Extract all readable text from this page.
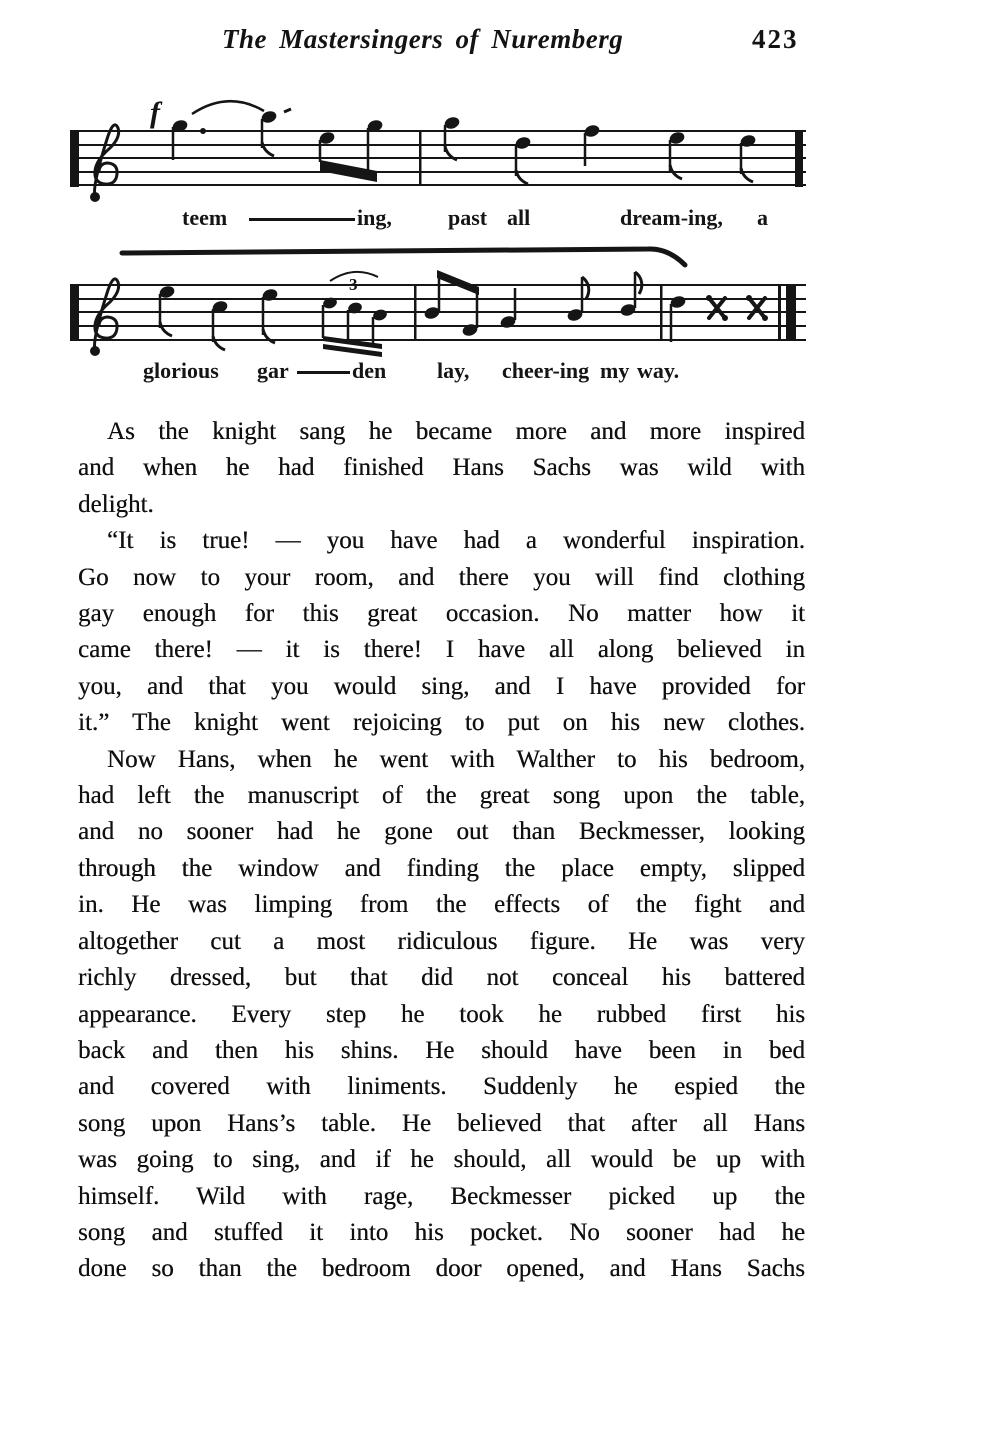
The Mastersingers of Nuremberg	423
f
teem	ing,	past all	dream-ing, a
3
glorious gar	den lay, cheer-ing my way.
As the knight sang he became more and more inspired
and when he had finished Hans Sachs was wild with
delight.
“It is true! — you have had a wonderful inspiration.
Go now to your room, and there you will find clothing
gay enough for this great occasion. No matter how it
came there! — it is there! I have all along believed in
you, and that you would sing, and I have provided for
it.” The knight went rejoicing to put on his new clothes.
Now Hans, when he went with Walther to his bedroom,
had left the manuscript of the great song upon the table,
and no sooner had he gone out than Beckmesser, looking
through the window and finding the place empty, slipped
in. He was limping from the effects of the fight and
altogether cut a most ridiculous figure. He was very
richly dressed, but that did not conceal his battered
appearance. Every step he took he rubbed first his
back and then his shins. He should have been in bed
and covered with liniments. Suddenly he espied the
song upon Hans’s table. He believed that after all Hans
was going to sing, and if he should, all would be up with
himself. Wild with rage, Beckmesser picked up the
song and stuffed it into his pocket. No sooner had he
done so than the bedroom door opened, and Hans Sachs
